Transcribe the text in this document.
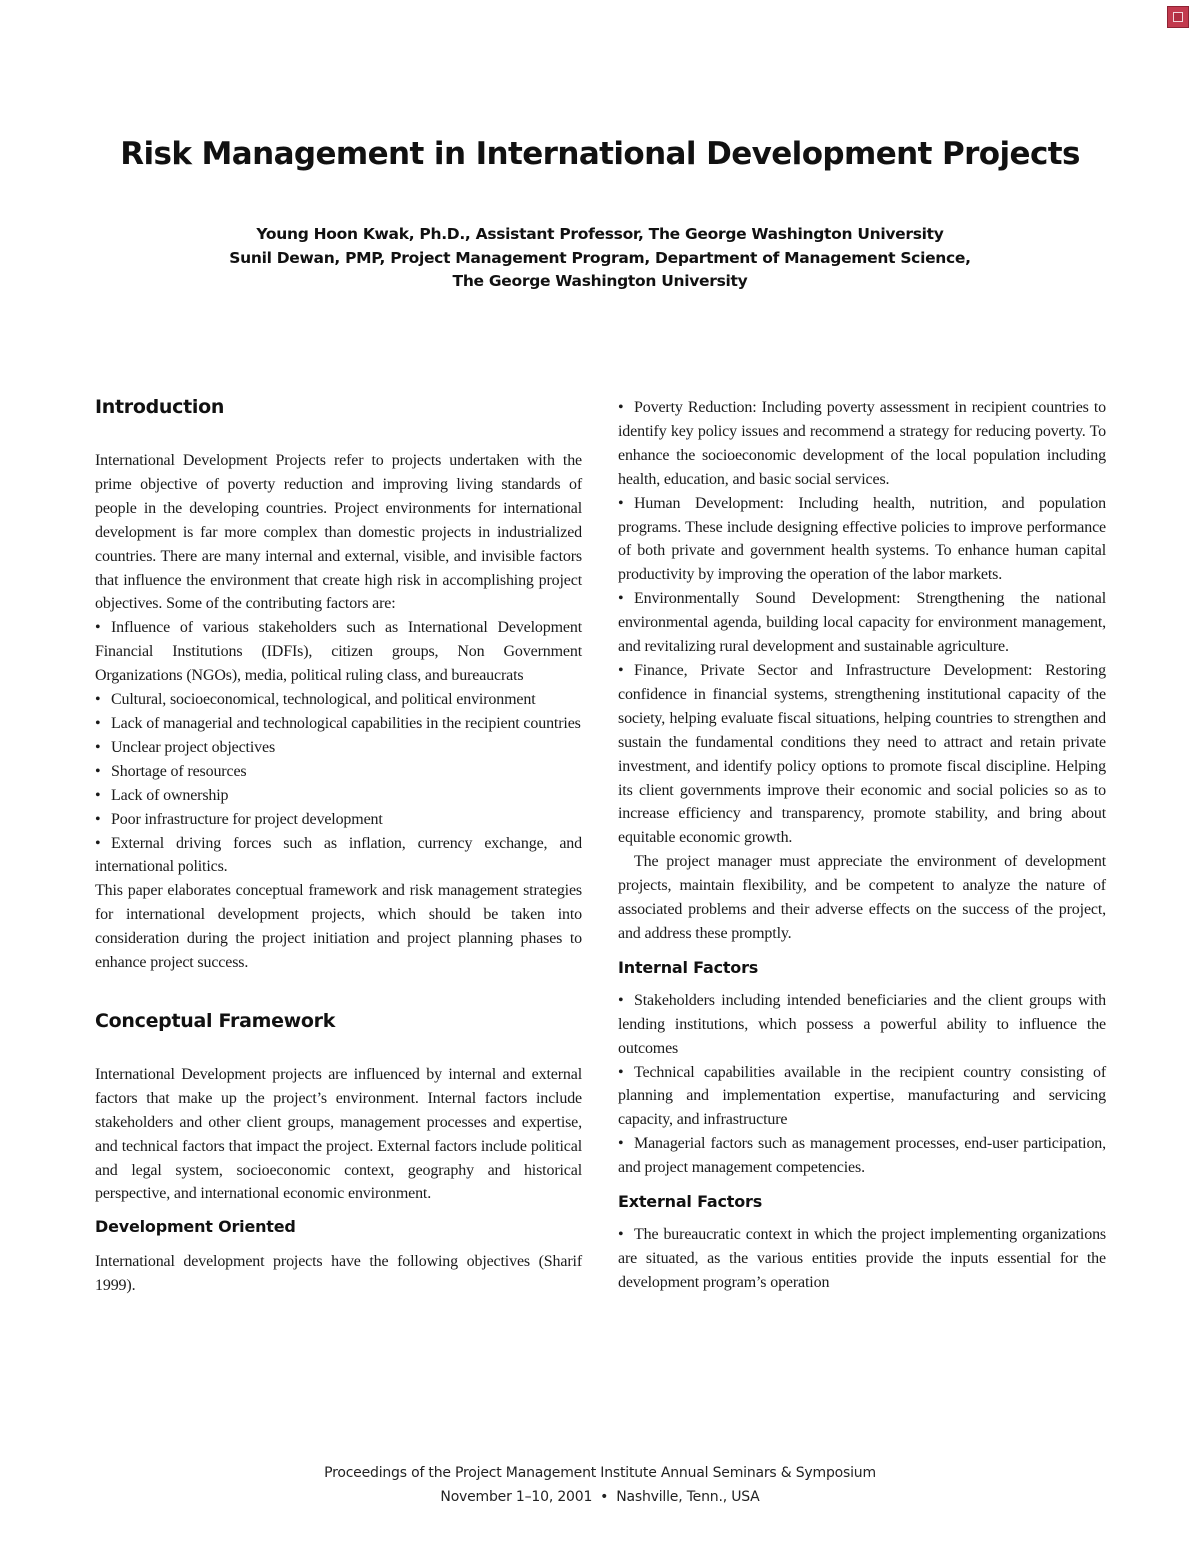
Risk Management in International Development Projects
Young Hoon Kwak, Ph.D., Assistant Professor, The George Washington University
Sunil Dewan, PMP, Project Management Program, Department of Management Science,
The George Washington University
Introduction

International Development Projects refer to projects undertaken with the prime objective of poverty reduction and improving living standards of people in the developing countries. Project environments for international development is far more complex than domestic projects in industrialized countries. There are many internal and external, visible, and invisible factors that influence the environment that create high risk in accomplishing project objectives. Some of the contributing factors are:

• Influence of various stakeholders such as International Development Financial Institutions (IDFIs), citizen groups, Non Government Organizations (NGOs), media, political ruling class, and bureaucrats
• Cultural, socioeconomical, technological, and political environment
• Lack of managerial and technological capabilities in the recipient countries
• Unclear project objectives
• Shortage of resources
• Lack of ownership
• Poor infrastructure for project development
• External driving forces such as inflation, currency exchange, and international politics.

This paper elaborates conceptual framework and risk management strategies for international development projects, which should be taken into consideration during the project initiation and project planning phases to enhance project success.

Conceptual Framework

International Development projects are influenced by internal and external factors that make up the project’s environment. Internal factors include stakeholders and other client groups, management processes and expertise, and technical factors that impact the project. External factors include political and legal system, socioeconomic context, geography and historical perspective, and international economic environment.

Development Oriented

International development projects have the following objectives (Sharif 1999).

• Poverty Reduction: Including poverty assessment in recipient countries to identify key policy issues and recommend a strategy for reducing poverty. To enhance the socioeconomic development of the local population including health, education, and basic social services.
• Human Development: Including health, nutrition, and population programs. These include designing effective policies to improve performance of both private and government health systems. To enhance human capital productivity by improving the operation of the labor markets.
• Environmentally Sound Development: Strengthening the national environmental agenda, building local capacity for environment management, and revitalizing rural development and sustainable agriculture.
• Finance, Private Sector and Infrastructure Development: Restoring confidence in financial systems, strengthening institutional capacity of the society, helping evaluate fiscal situations, helping countries to strengthen and sustain the fundamental conditions they need to attract and retain private investment, and identify policy options to promote fiscal discipline. Helping its client governments improve their economic and social policies so as to increase efficiency and transparency, promote stability, and bring about equitable economic growth.

The project manager must appreciate the environment of development projects, maintain flexibility, and be competent to analyze the nature of associated problems and their adverse effects on the success of the project, and address these promptly.

Internal Factors
• Stakeholders including intended beneficiaries and the client groups with lending institutions, which possess a powerful ability to influence the outcomes
• Technical capabilities available in the recipient country consisting of planning and implementation expertise, manufacturing and servicing capacity, and infrastructure
• Managerial factors such as management processes, end-user participation, and project management competencies.
External Factors
• The bureaucratic context in which the project implementing organizations are situated, as the various entities provide the inputs essential for the development program’s operation
Proceedings of the Project Management Institute Annual Seminars & Symposium
November 1–10, 2001 • Nashville, Tenn., USA
